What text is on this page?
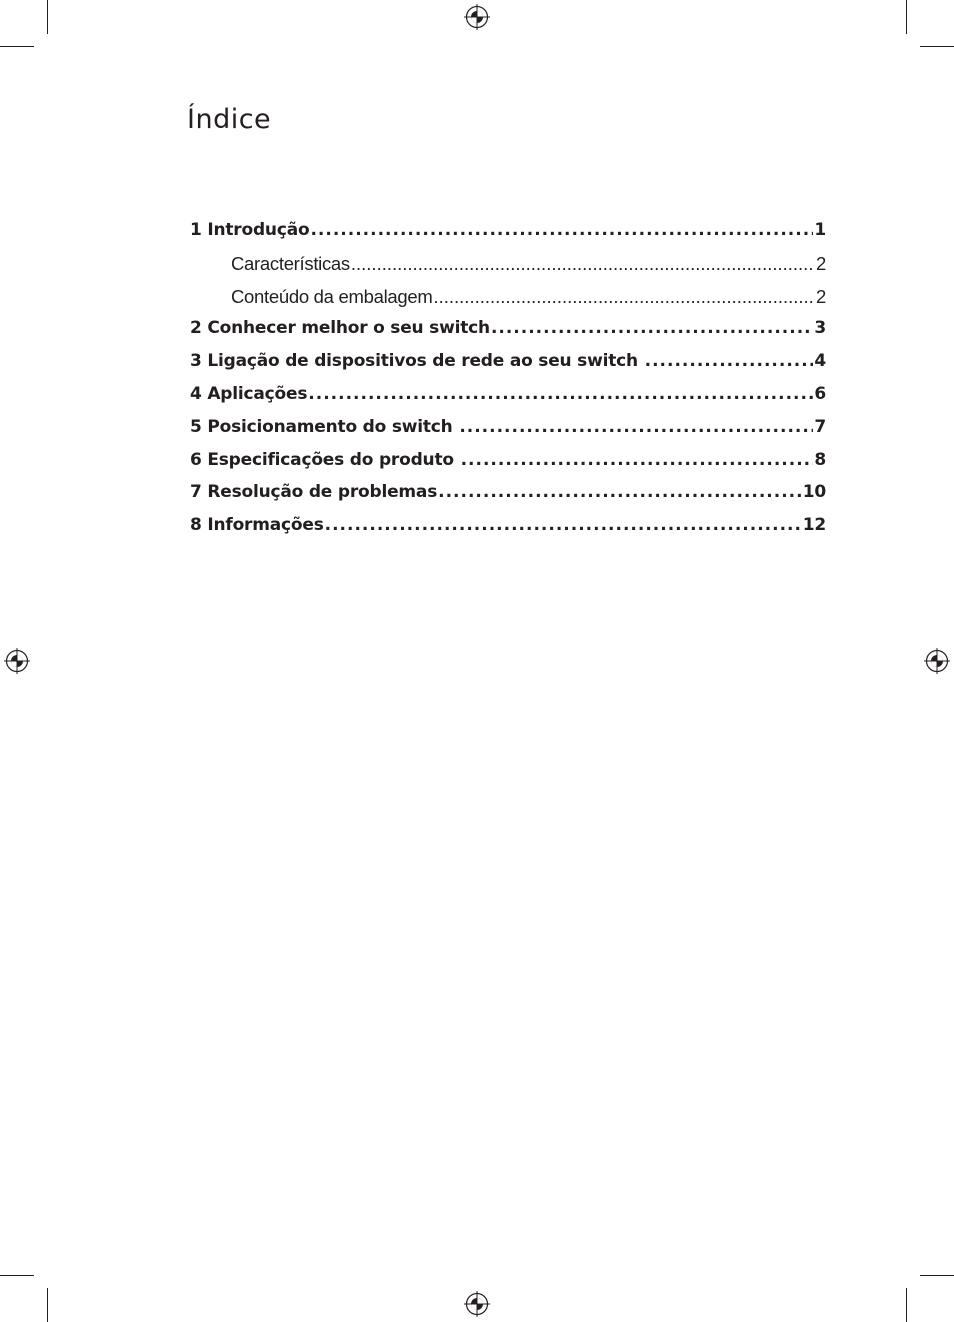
Índice
1 Introdução .....	1
Características .....	2
Conteúdo da embalagem .....	2
2 Conhecer melhor o seu switch .....	3
3 Ligação de dispositivos de rede ao seu switch .....	4
4 Aplicações .....	6
5 Posicionamento do switch .....	7
6 Especificações do produto .....	8
7 Resolução de problemas .....	10
8 Informações .....	12
